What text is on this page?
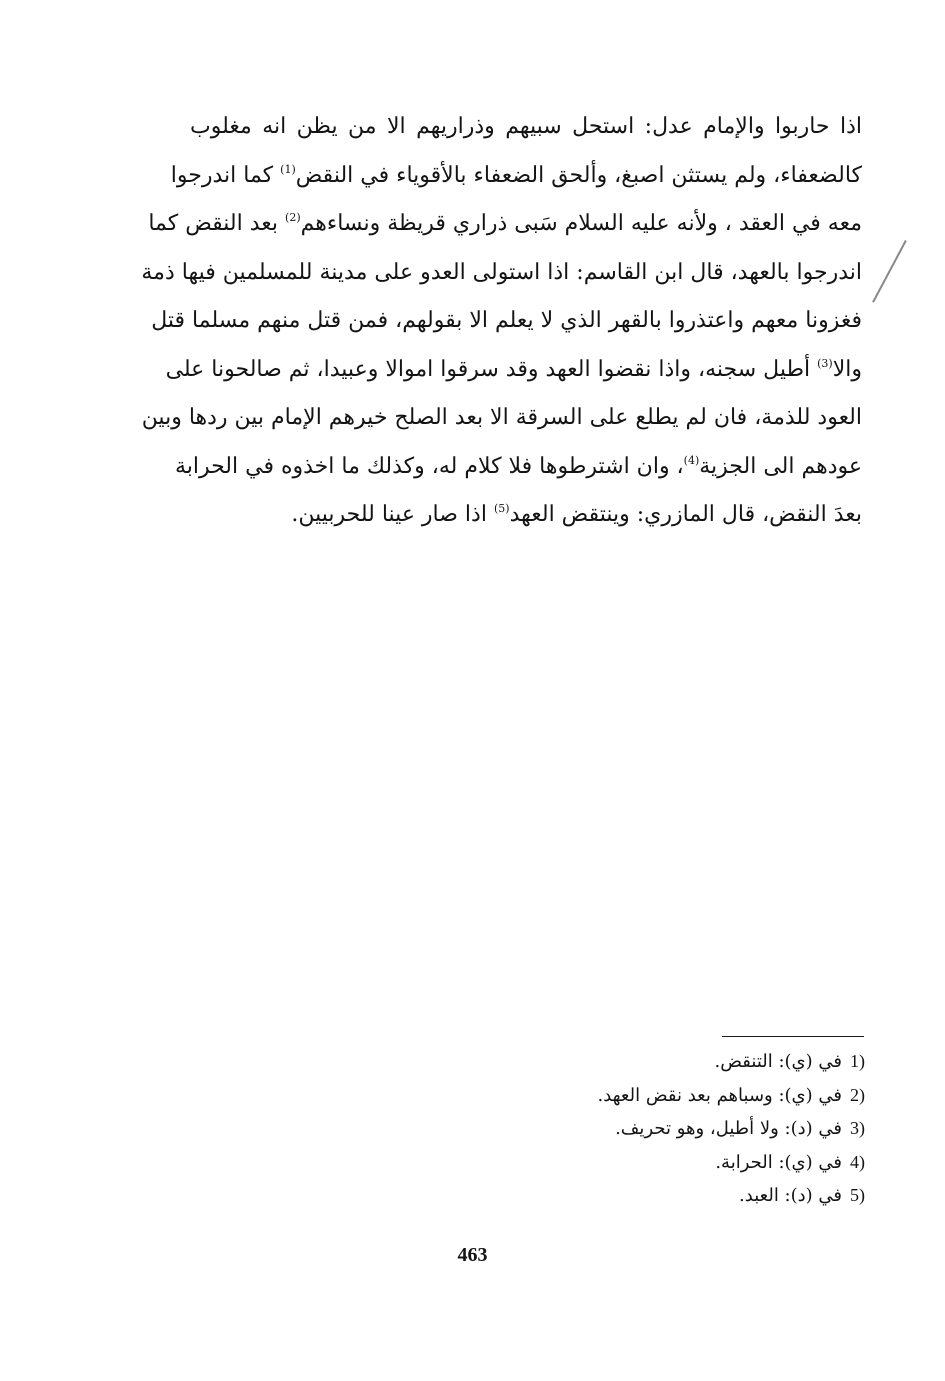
اذا حاربوا والإمام عدل: استحل سبيهم وذراريهم الا من يظن انه مغلوب
كالضعفاء، ولم يستثن اصبغ، وألحق الضعفاء بالأقوياء في النقض$^{(1)}$ كما اندرجوا
معه في العقد ، ولأنه عليه السلام سَبى ذراري قريظة ونساءهم$^{(2)}$ بعد النقض كما
اندرجوا بالعهد، قال ابن القاسم: اذا استولى العدو على مدينة للمسلمين فيها ذمة
فغزونا معهم واعتذروا بالقهر الذي لا يعلم الا بقولهم، فمن قتل منهم مسلما قتل
والا$^{(3)}$ أطيل سجنه، واذا نقضوا العهد وقد سرقوا اموالا وعبيدا، ثم صالحونا على
العود للذمة، فان لم يطلع على السرقة الا بعد الصلح خيرهم الإمام بين ردها وبين
عودهم الى الجزية$^{(4)}$، وان اشترطوها فلا كلام له، وكذلك ما اخذوه في الحرابة
بعدَ النقض، قال المازري: وينتقض العهد$^{(5)}$ اذا صار عينا للحربيين.
1)في (ي): التنقض.
2)في (ي): وسباهم بعد نقض العهد.
3)في (د): ولا أطيل، وهو تحريف.
4)في (ي): الحرابة.
5)في (د): العبد.
463
